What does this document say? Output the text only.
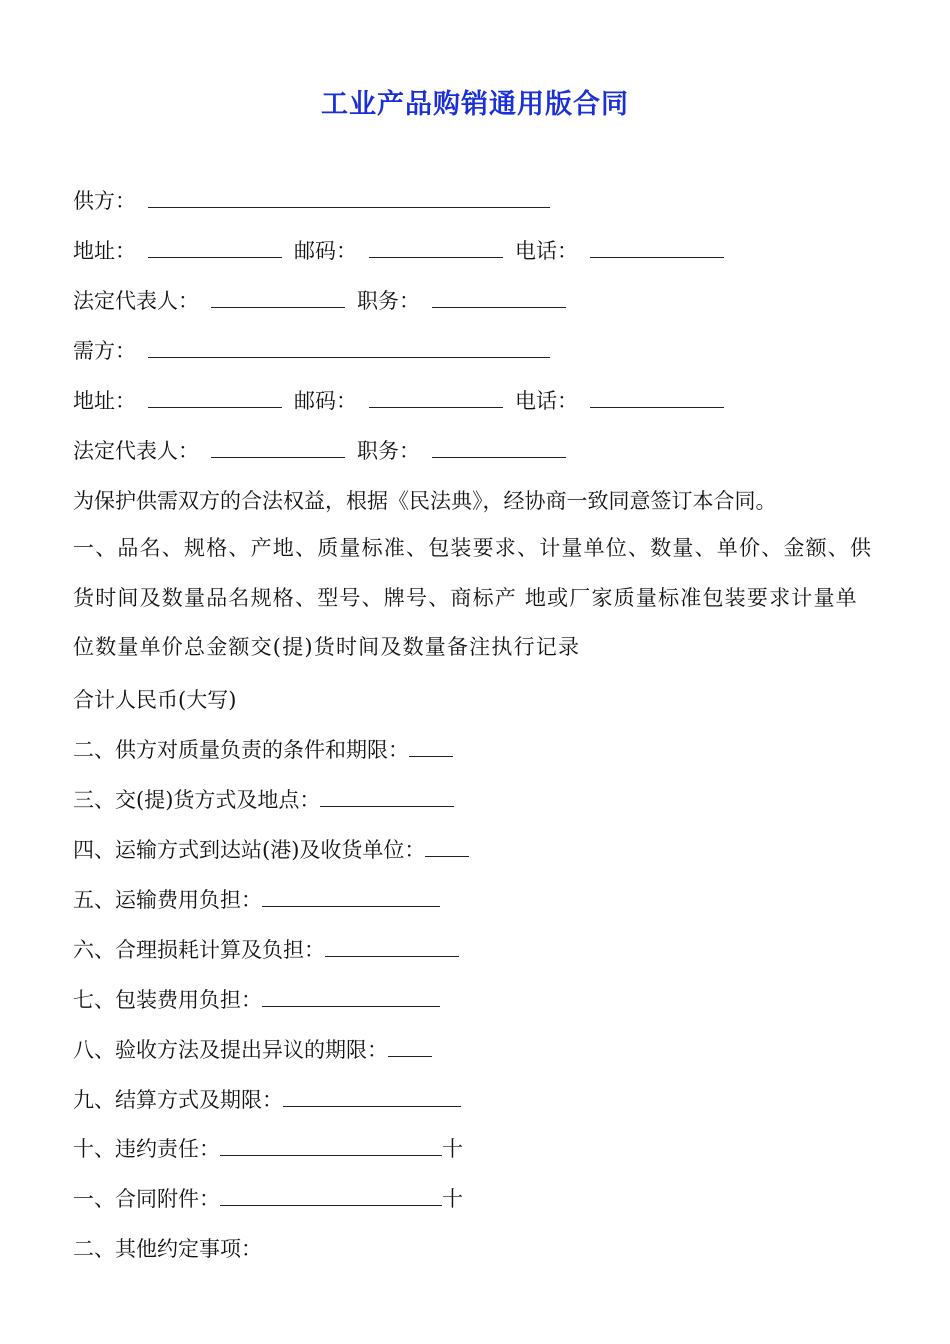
工业产品购销通用版合同
供方：
地址：	邮码：	电话：
法定代表人：	职务：
需方：
地址：	邮码：	电话：
法定代表人：	职务：
为保护供需双方的合法权益，根据《民法典》，经协商一致同意签订本合同。
一、品名、规格、产地、质量标准、包装要求、计量单位、数量、单价、金额、供货时间及数量品名规格、型号、牌号、商标产 地或厂家质量标准包装要求计量单位数量单价总金额交(提)货时间及数量备注执行记录
合计人民币(大写)
二、供方对质量负责的条件和期限：
三、交(提)货方式及地点：
四、运输方式到达站(港)及收货单位：
五、运输费用负担：
六、合理损耗计算及负担：
七、包装费用负担：
八、验收方法及提出异议的期限：
九、结算方式及期限：
十、违约责任：	十
一、合同附件：	十
二、其他约定事项：
